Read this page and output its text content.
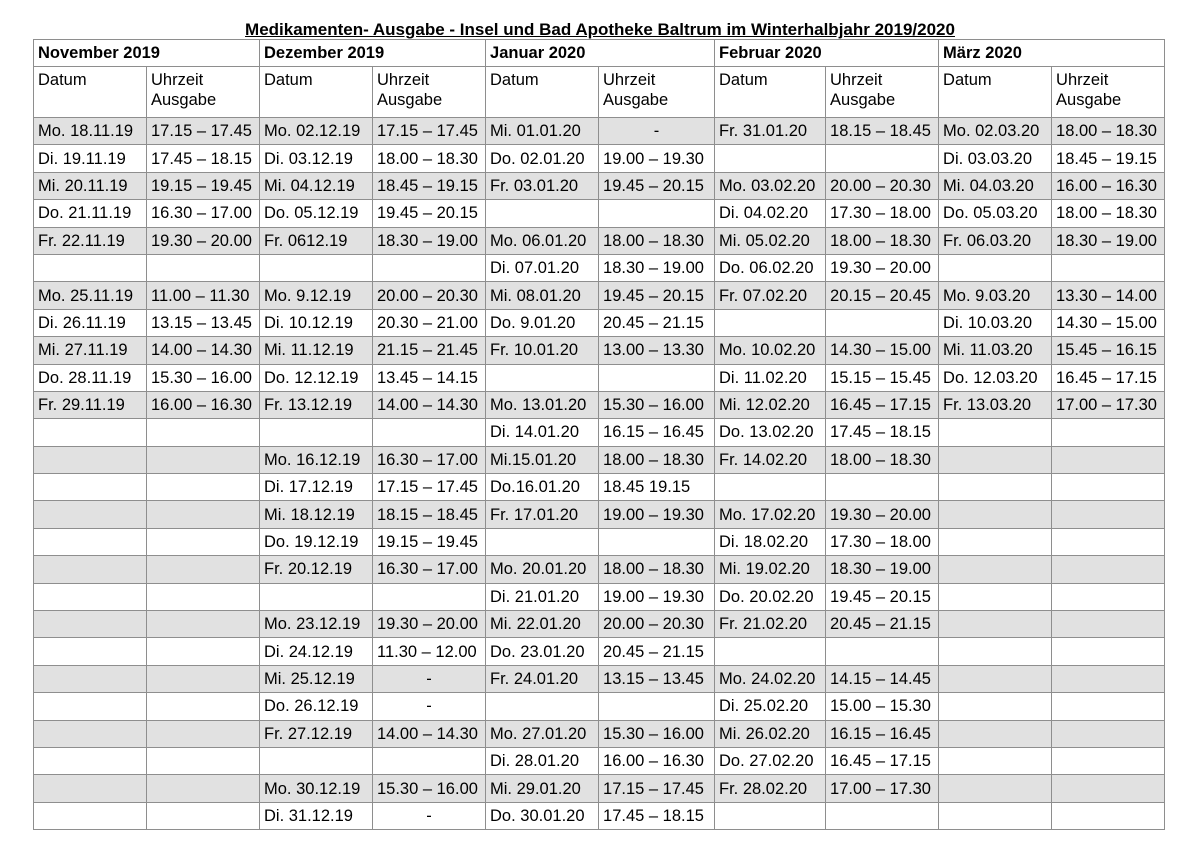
Medikamenten- Ausgabe - Insel und Bad Apotheke Baltrum im Winterhalbjahr 2019/2020
November 2019		Dezember 2019		Januar 2020		Februar 2020		März 2020	
Datum	Uhrzeit Ausgabe	Datum	Uhrzeit Ausgabe	Datum	Uhrzeit Ausgabe	Datum	Uhrzeit Ausgabe	Datum	Uhrzeit Ausgabe
Mo. 18.11.19	17.15 – 17.45	Mo. 02.12.19	17.15 – 17.45	Mi. 01.01.20	-	Fr. 31.01.20	18.15 – 18.45	Mo. 02.03.20	18.00 – 18.30
Di. 19.11.19	17.45 – 18.15	Di. 03.12.19	18.00 – 18.30	Do. 02.01.20	19.00 – 19.30			Di. 03.03.20	18.45 – 19.15
Mi. 20.11.19	19.15 – 19.45	Mi. 04.12.19	18.45 – 19.15	Fr. 03.01.20	19.45 – 20.15	Mo. 03.02.20	20.00 – 20.30	Mi. 04.03.20	16.00 – 16.30
Do. 21.11.19	16.30 – 17.00	Do. 05.12.19	19.45 – 20.15			Di. 04.02.20	17.30 – 18.00	Do. 05.03.20	18.00 – 18.30
Fr. 22.11.19	19.30 – 20.00	Fr. 0612.19	18.30 – 19.00	Mo. 06.01.20	18.00 – 18.30	Mi. 05.02.20	18.00 – 18.30	Fr. 06.03.20	18.30 – 19.00
				Di. 07.01.20	18.30 – 19.00	Do. 06.02.20	19.30 – 20.00		
Mo. 25.11.19	11.00 – 11.30	Mo. 9.12.19	20.00 – 20.30	Mi. 08.01.20	19.45 – 20.15	Fr. 07.02.20	20.15 – 20.45	Mo. 9.03.20	13.30 – 14.00
Di. 26.11.19	13.15 – 13.45	Di. 10.12.19	20.30 – 21.00	Do. 9.01.20	20.45 – 21.15			Di. 10.03.20	14.30 – 15.00
Mi. 27.11.19	14.00 – 14.30	Mi. 11.12.19	21.15 – 21.45	Fr. 10.01.20	13.00 – 13.30	Mo. 10.02.20	14.30 – 15.00	Mi. 11.03.20	15.45 – 16.15
Do. 28.11.19	15.30 – 16.00	Do. 12.12.19	13.45 – 14.15			Di. 11.02.20	15.15 – 15.45	Do. 12.03.20	16.45 – 17.15
Fr. 29.11.19	16.00 – 16.30	Fr. 13.12.19	14.00 – 14.30	Mo. 13.01.20	15.30 – 16.00	Mi. 12.02.20	16.45 – 17.15	Fr. 13.03.20	17.00 – 17.30
				Di. 14.01.20	16.15 – 16.45	Do. 13.02.20	17.45 – 18.15		
		Mo. 16.12.19	16.30 – 17.00	Mi.15.01.20	18.00 – 18.30	Fr. 14.02.20	18.00 – 18.30		
		Di. 17.12.19	17.15 – 17.45	Do.16.01.20	18.45 19.15				
		Mi. 18.12.19	18.15 – 18.45	Fr. 17.01.20	19.00 – 19.30	Mo. 17.02.20	19.30 – 20.00		
		Do. 19.12.19	19.15 – 19.45			Di. 18.02.20	17.30 – 18.00		
		Fr. 20.12.19	16.30 – 17.00	Mo. 20.01.20	18.00 – 18.30	Mi. 19.02.20	18.30 – 19.00		
				Di. 21.01.20	19.00 – 19.30	Do. 20.02.20	19.45 – 20.15		
		Mo. 23.12.19	19.30 – 20.00	Mi. 22.01.20	20.00 – 20.30	Fr. 21.02.20	20.45 – 21.15		
		Di. 24.12.19	11.30 – 12.00	Do. 23.01.20	20.45 – 21.15				
		Mi. 25.12.19	-	Fr. 24.01.20	13.15 – 13.45	Mo. 24.02.20	14.15 – 14.45		
		Do. 26.12.19	-			Di. 25.02.20	15.00 – 15.30		
		Fr. 27.12.19	14.00 – 14.30	Mo. 27.01.20	15.30 – 16.00	Mi. 26.02.20	16.15 – 16.45		
				Di. 28.01.20	16.00 – 16.30	Do. 27.02.20	16.45 – 17.15		
		Mo. 30.12.19	15.30 – 16.00	Mi. 29.01.20	17.15 – 17.45	Fr. 28.02.20	17.00 – 17.30		
		Di. 31.12.19	-	Do. 30.01.20	17.45 – 18.15				
